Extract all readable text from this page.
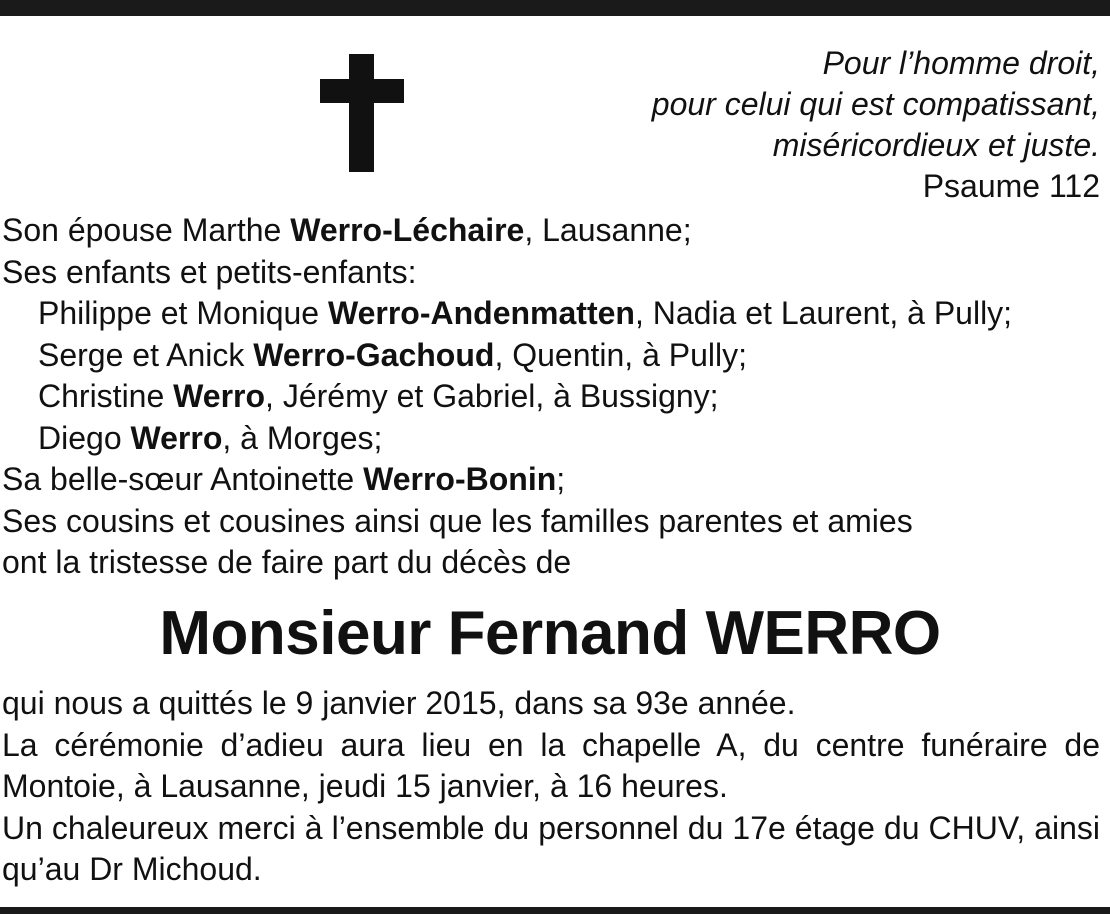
Pour l’homme droit,
pour celui qui est compatissant,
miséricordieux et juste.
Psaume 112
Son épouse Marthe Werro-Léchaire, Lausanne;
Ses enfants et petits-enfants:
Philippe et Monique Werro-Andenmatten, Nadia et Laurent, à Pully;
Serge et Anick Werro-Gachoud, Quentin, à Pully;
Christine Werro, Jérémy et Gabriel, à Bussigny;
Diego Werro, à Morges;
Sa belle-sœur Antoinette Werro-Bonin;
Ses cousins et cousines ainsi que les familles parentes et amies
ont la tristesse de faire part du décès de
Monsieur Fernand WERRO

qui nous a quittés le 9 janvier 2015, dans sa 93e année.

La cérémonie d’adieu aura lieu en la chapelle A, du centre funéraire de Montoie, à Lausanne, jeudi 15 janvier, à 16 heures.

Un chaleureux merci à l’ensemble du personnel du 17e étage du CHUV, ainsi qu’au Dr Michoud.
